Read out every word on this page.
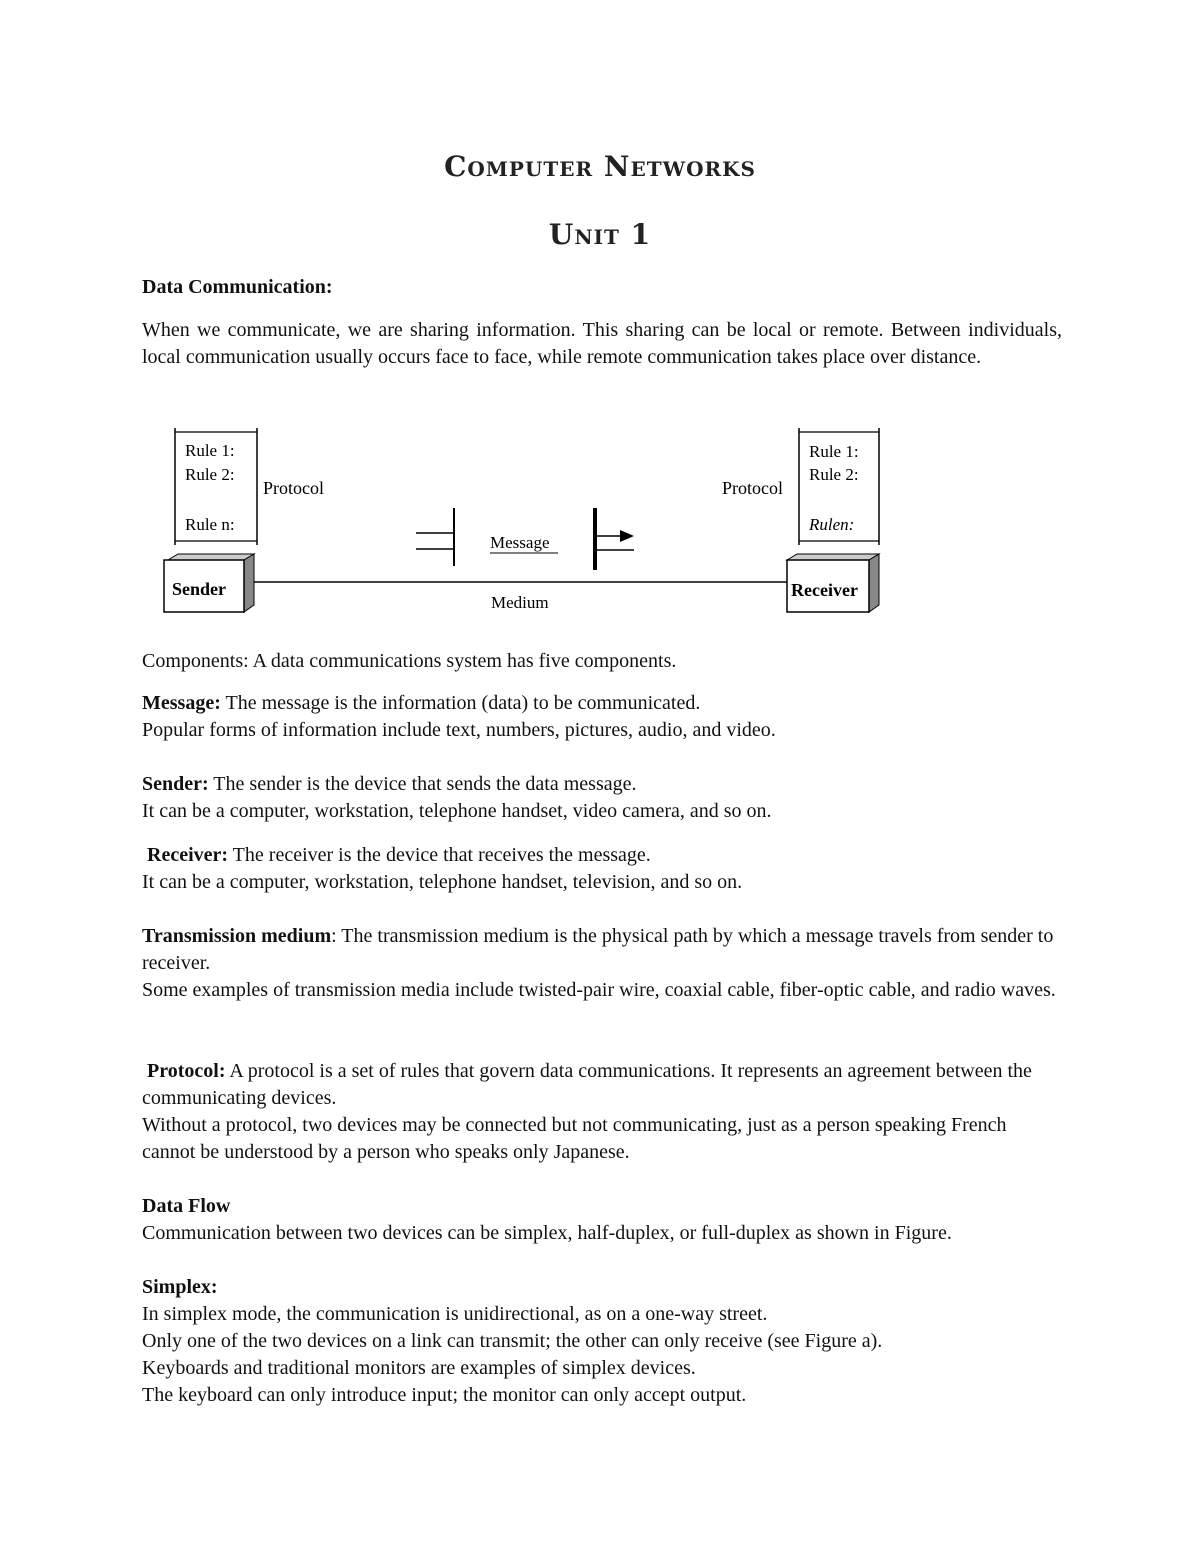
Computer Networks
Unit 1

Data Communication:

When we communicate, we are sharing information. This sharing can be local or remote. Between individuals, local communication usually occurs face to face, while remote communication takes place over distance.

Rule 1:
Rule 2:
Rule n:
Protocol
Rule 1:
Rule 2:
Rulen:
Protocol
Message
Medium
Sender	Receiver

Components: A data communications system has five components.

Message: The message is the information (data) to be communicated.
Popular forms of information include text, numbers, pictures, audio, and video.

Sender: The sender is the device that sends the data message.
It can be a computer, workstation, telephone handset, video camera, and so on.

Receiver: The receiver is the device that receives the message.
It can be a computer, workstation, telephone handset, television, and so on.

Transmission medium: The transmission medium is the physical path by which a message travels from sender to receiver.
Some examples of transmission media include twisted-pair wire, coaxial cable, fiber-optic cable, and radio waves.

Protocol: A protocol is a set of rules that govern data communications. It represents an agreement between the communicating devices.
Without a protocol, two devices may be connected but not communicating, just as a person speaking French cannot be understood by a person who speaks only Japanese.

Data Flow

Communication between two devices can be simplex, half-duplex, or full-duplex as shown in Figure.

Simplex:

In simplex mode, the communication is unidirectional, as on a one-way street.

Only one of the two devices on a link can transmit; the other can only receive (see Figure a).

Keyboards and traditional monitors are examples of simplex devices.

The keyboard can only introduce input; the monitor can only accept output.
